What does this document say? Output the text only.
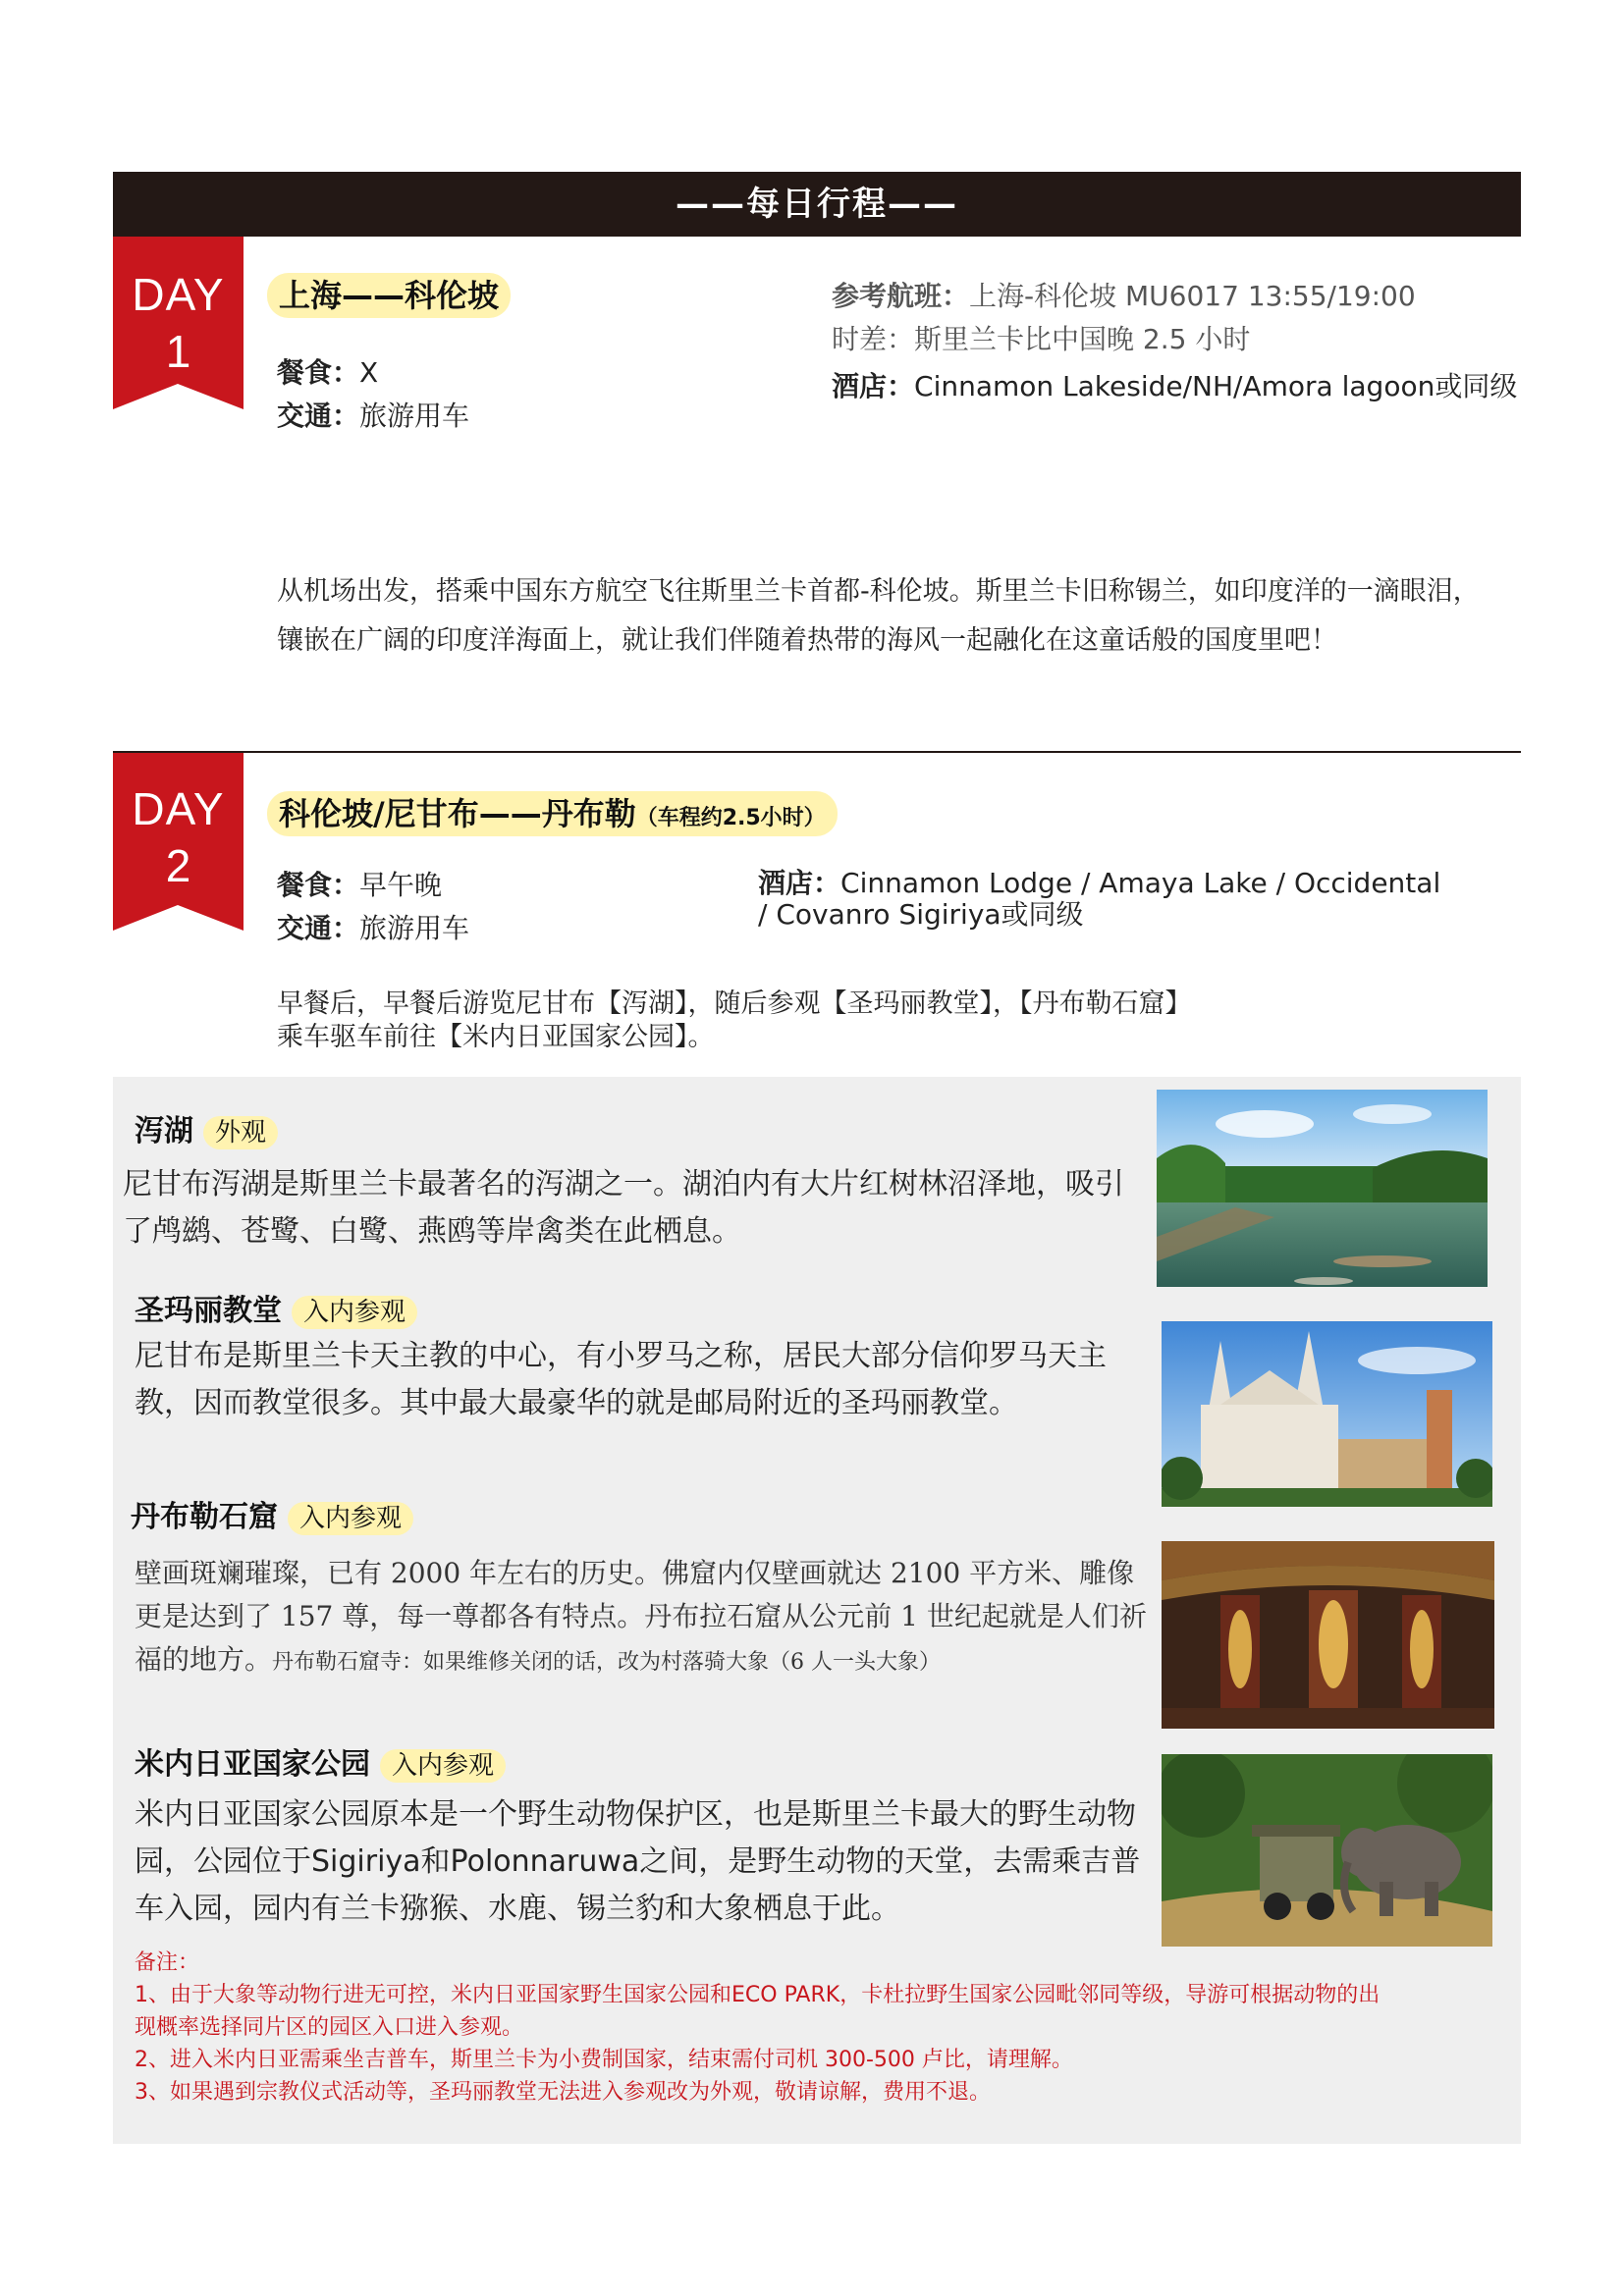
——每日行程——
DAY
1
上海——科伦坡
餐食：X
交通：旅游用车
参考航班：上海-科伦坡 MU6017 13:55/19:00
时差：斯里兰卡比中国晚 2.5 小时
酒店：Cinnamon Lakeside/NH/Amora lagoon或同级
从机场出发，搭乘中国东方航空飞往斯里兰卡首都-科伦坡。斯里兰卡旧称锡兰，如印度洋的一滴眼泪，镶嵌在广阔的印度洋海面上，就让我们伴随着热带的海风一起融化在这童话般的国度里吧！
DAY
2
科伦坡/尼甘布——丹布勒（车程约2.5小时）
餐食：早午晚
交通：旅游用车
酒店：Cinnamon Lodge / Amaya Lake / Occidental
/ Covanro Sigiriya或同级
早餐后，早餐后游览尼甘布【泻湖】，随后参观【圣玛丽教堂】，【丹布勒石窟】
乘车驱车前往【米内日亚国家公园】。
泻湖 外观
尼甘布泻湖是斯里兰卡最著名的泻湖之一。湖泊内有大片红树林沼泽地，吸引了鸬鹚、苍鹭、白鹭、燕鸥等岸禽类在此栖息。
圣玛丽教堂 入内参观
尼甘布是斯里兰卡天主教的中心，有小罗马之称，居民大部分信仰罗马天主教，因而教堂很多。其中最大最豪华的就是邮局附近的圣玛丽教堂。
丹布勒石窟 入内参观
壁画斑斓璀璨，已有 2000 年左右的历史。佛窟内仅壁画就达 2100 平方米、雕像更是达到了 157 尊，每一尊都各有特点。丹布拉石窟从公元前 1 世纪起就是人们祈福的地方。丹布勒石窟寺：如果维修关闭的话，改为村落骑大象（6 人一头大象）
米内日亚国家公园 入内参观
米内日亚国家公园原本是一个野生动物保护区，也是斯里兰卡最大的野生动物园，公园位于Sigiriya和Polonnaruwa之间，是野生动物的天堂，去需乘吉普车入园，园内有兰卡猕猴、水鹿、锡兰豹和大象栖息于此。
备注：
1、由于大象等动物行进无可控，米内日亚国家野生国家公园和ECO PARK，卡杜拉野生国家公园毗邻同等级，导游可根据动物的出
现概率选择同片区的园区入口进入参观。
2、进入米内日亚需乘坐吉普车，斯里兰卡为小费制国家，结束需付司机 300-500 卢比，请理解。
3、如果遇到宗教仪式活动等，圣玛丽教堂无法进入参观改为外观，敬请谅解，费用不退。
